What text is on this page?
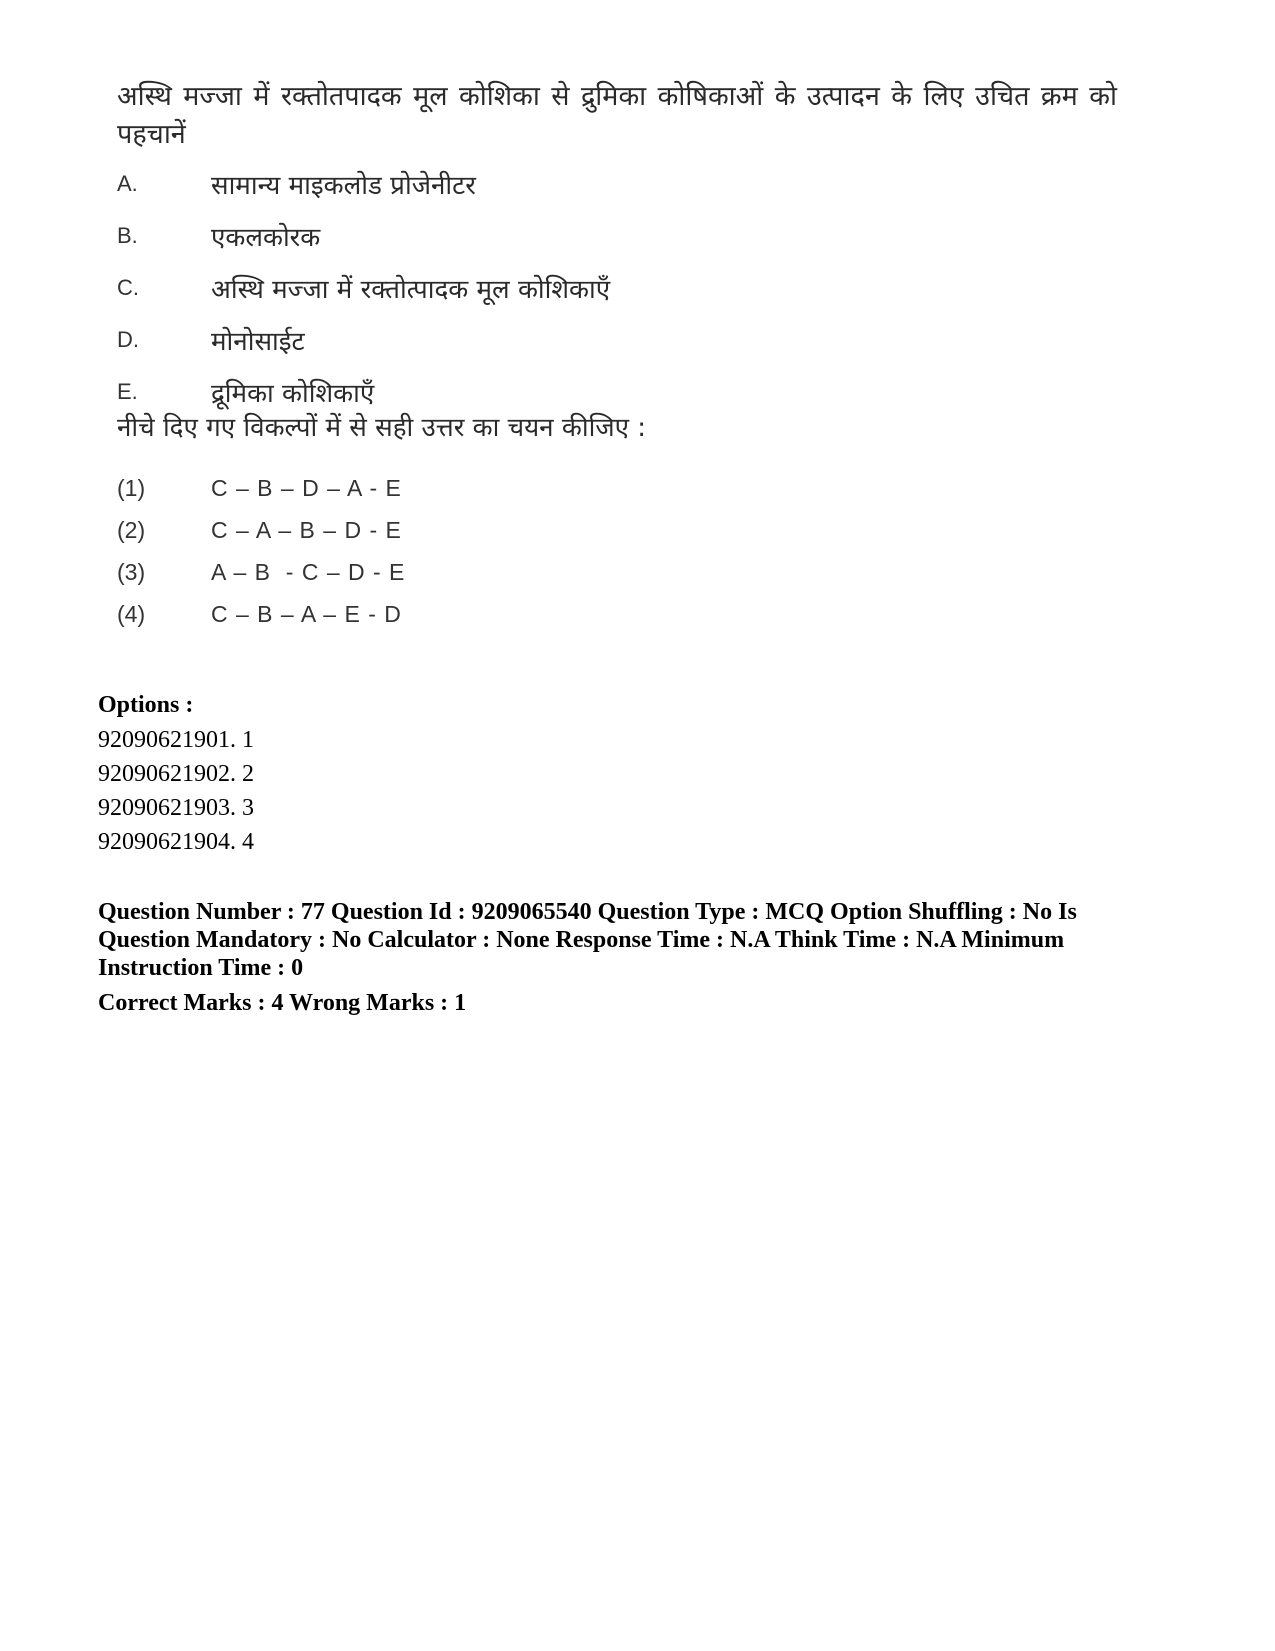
अस्थि मज्जा में रक्तोतपादक मूल कोशिका से द्रुमिका कोषिकाओं के उत्पादन के लिए उचित क्रम को पहचानें

A.	सामान्य माइकलोड प्रोजेनीटर
B.	एकलकोरक
C.	अस्थि मज्जा में रक्तोत्पादक मूल कोशिकाएँ
D.	मोनोसाईट
E.	द्रूमिका कोशिकाएँ
नीचे दिए गए विकल्पों में से सही उत्तर का चयन कीजिए :
(1)	C – B – D – A - E
(2)	C – A – B – D - E
(3)	A – B  - C – D - E
(4)	C – B – A – E - D
Options :
92090621901. 1
92090621902. 2
92090621903. 3
92090621904. 4
Question Number : 77 Question Id : 9209065540 Question Type : MCQ Option Shuffling : No Is Question Mandatory : No Calculator : None Response Time : N.A Think Time : N.A Minimum Instruction Time : 0
Correct Marks : 4 Wrong Marks : 1
